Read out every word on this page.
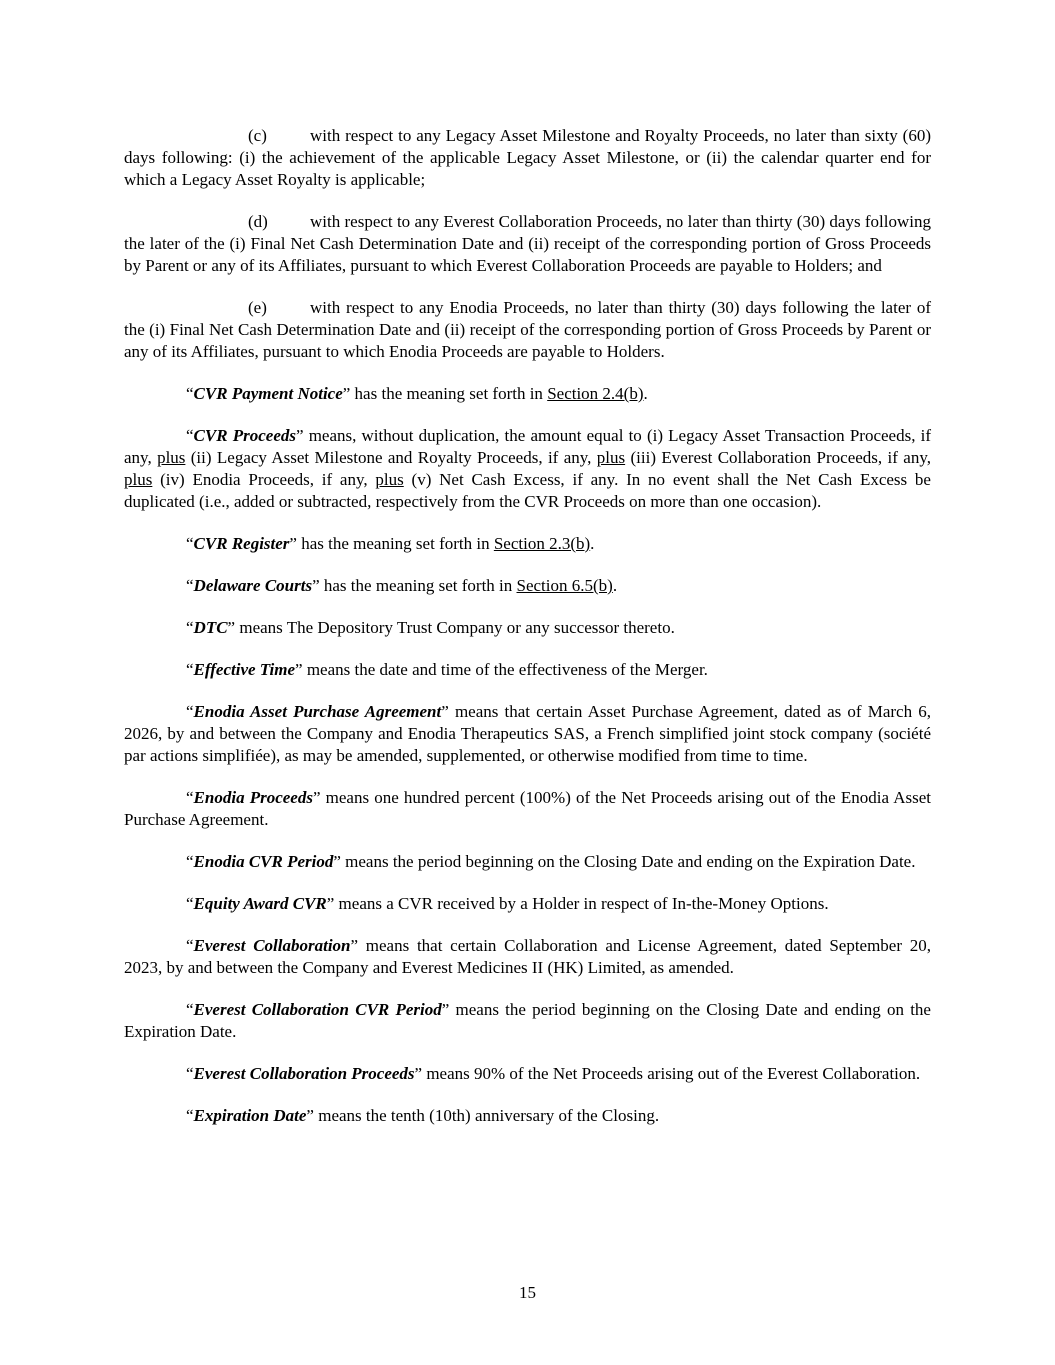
(c)	with respect to any Legacy Asset Milestone and Royalty Proceeds, no later than sixty (60) days following: (i) the achievement of the applicable Legacy Asset Milestone, or (ii) the calendar quarter end for which a Legacy Asset Royalty is applicable;

(d) with respect to any Everest Collaboration Proceeds, no later than thirty (30) days following the later of the (i) Final Net Cash Determination Date and (ii) receipt of the corresponding portion of Gross Proceeds by Parent or any of its Affiliates, pursuant to which Everest Collaboration Proceeds are payable to Holders; and

(e)	with respect to any Enodia Proceeds, no later than thirty (30) days following the later of the (i) Final Net Cash Determination Date and (ii) receipt of the corresponding portion of Gross Proceeds by Parent or any of its Affiliates, pursuant to which Enodia Proceeds are payable to Holders.

“CVR Payment Notice” has the meaning set forth in Section 2.4(b).

“CVR Proceeds” means, without duplication, the amount equal to (i) Legacy Asset Transaction Proceeds, if any, plus (ii) Legacy Asset Milestone and Royalty Proceeds, if any, plus (iii) Everest Collaboration Proceeds, if any, plus (iv) Enodia Proceeds, if any, plus (v) Net Cash Excess, if any. In no event shall the Net Cash Excess be duplicated (i.e., added or subtracted, respectively from the CVR Proceeds on more than one occasion).

“CVR Register” has the meaning set forth in Section 2.3(b).

“Delaware Courts” has the meaning set forth in Section 6.5(b).

“DTC” means The Depository Trust Company or any successor thereto.

“Effective Time” means the date and time of the effectiveness of the Merger.

“Enodia Asset Purchase Agreement” means that certain Asset Purchase Agreement, dated as of March 6, 2026, by and between the Company and Enodia Therapeutics SAS, a French simplified joint stock company (société par actions simplifiée), as may be amended, supplemented, or otherwise modified from time to time.

“Enodia Proceeds” means one hundred percent (100%) of the Net Proceeds arising out of the Enodia Asset Purchase Agreement.

“Enodia CVR Period” means the period beginning on the Closing Date and ending on the Expiration Date.

“Equity Award CVR” means a CVR received by a Holder in respect of In-the-Money Options.

“Everest Collaboration” means that certain Collaboration and License Agreement, dated September 20, 2023, by and between the Company and Everest Medicines II (HK) Limited, as amended.

“Everest Collaboration CVR Period” means the period beginning on the Closing Date and ending on the Expiration Date.

“Everest Collaboration Proceeds” means 90% of the Net Proceeds arising out of the Everest Collaboration.

“Expiration Date” means the tenth (10th) anniversary of the Closing.

15
